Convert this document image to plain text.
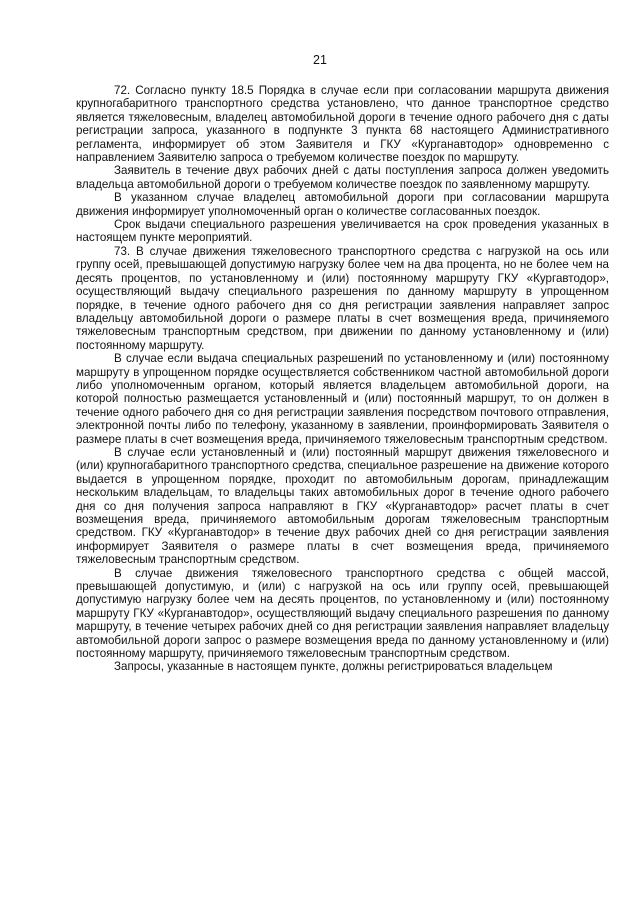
21

72. Согласно пункту 18.5 Порядка в случае если при согласовании маршрута движения крупногабаритного транспортного средства установлено, что данное транспортное средство является тяжеловесным, владелец автомобильной дороги в течение одного рабочего дня с даты регистрации запроса, указанного в подпункте 3 пункта 68 настоящего Административного регламента, информирует об этом Заявителя и ГКУ «Курганавтодор» одновременно с направлением Заявителю запроса о требуемом количестве поездок по маршруту.

Заявитель в течение двух рабочих дней с даты поступления запроса должен уведомить владельца автомобильной дороги о требуемом количестве поездок по заявленному маршруту.

В указанном случае владелец автомобильной дороги при согласовании маршрута движения информирует уполномоченный орган о количестве согласованных поездок.

Срок выдачи специального разрешения увеличивается на срок проведения указанных в настоящем пункте мероприятий.

73. В случае движения тяжеловесного транспортного средства с нагрузкой на ось или группу осей, превышающей допустимую нагрузку более чем на два процента, но не более чем на десять процентов, по установленному и (или) постоянному маршруту ГКУ «Кургавтодор», осуществляющий выдачу специального разрешения по данному маршруту в упрощенном порядке, в течение одного рабочего дня со дня регистрации заявления направляет запрос владельцу автомобильной дороги о размере платы в счет возмещения вреда, причиняемого тяжеловесным транспортным средством, при движении по данному установленному и (или) постоянному маршруту.

В случае если выдача специальных разрешений по установленному и (или) постоянному маршруту в упрощенном порядке осуществляется собственником частной автомобильной дороги либо уполномоченным органом, который является владельцем автомобильной дороги, на которой полностью размещается установленный и (или) постоянный маршрут, то он должен в течение одного рабочего дня со дня регистрации заявления посредством почтового отправления, электронной почты либо по телефону, указанному в заявлении, проинформировать Заявителя о размере платы в счет возмещения вреда, причиняемого тяжеловесным транспортным средством.

В случае если установленный и (или) постоянный маршрут движения тяжеловесного и (или) крупногабаритного транспортного средства, специальное разрешение на движение которого выдается в упрощенном порядке, проходит по автомобильным дорогам, принадлежащим нескольким владельцам, то владельцы таких автомобильных дорог в течение одного рабочего дня со дня получения запроса направляют в ГКУ «Курганавтодор» расчет платы в счет возмещения вреда, причиняемого автомобильным дорогам тяжеловесным транспортным средством. ГКУ «Курганавтодор» в течение двух рабочих дней со дня регистрации заявления информирует Заявителя о размере платы в счет возмещения вреда, причиняемого тяжеловесным транспортным средством.

В случае движения тяжеловесного транспортного средства с общей массой, превышающей допустимую, и (или) с нагрузкой на ось или группу осей, превышающей допустимую нагрузку более чем на десять процентов, по установленному и (или) постоянному маршруту ГКУ «Курганавтодор», осуществляющий выдачу специального разрешения по данному маршруту, в течение четырех рабочих дней со дня регистрации заявления направляет владельцу автомобильной дороги запрос о размере возмещения вреда по данному установленному и (или) постоянному маршруту, причиняемого тяжеловесным транспортным средством.

Запросы, указанные в настоящем пункте, должны регистрироваться владельцем
